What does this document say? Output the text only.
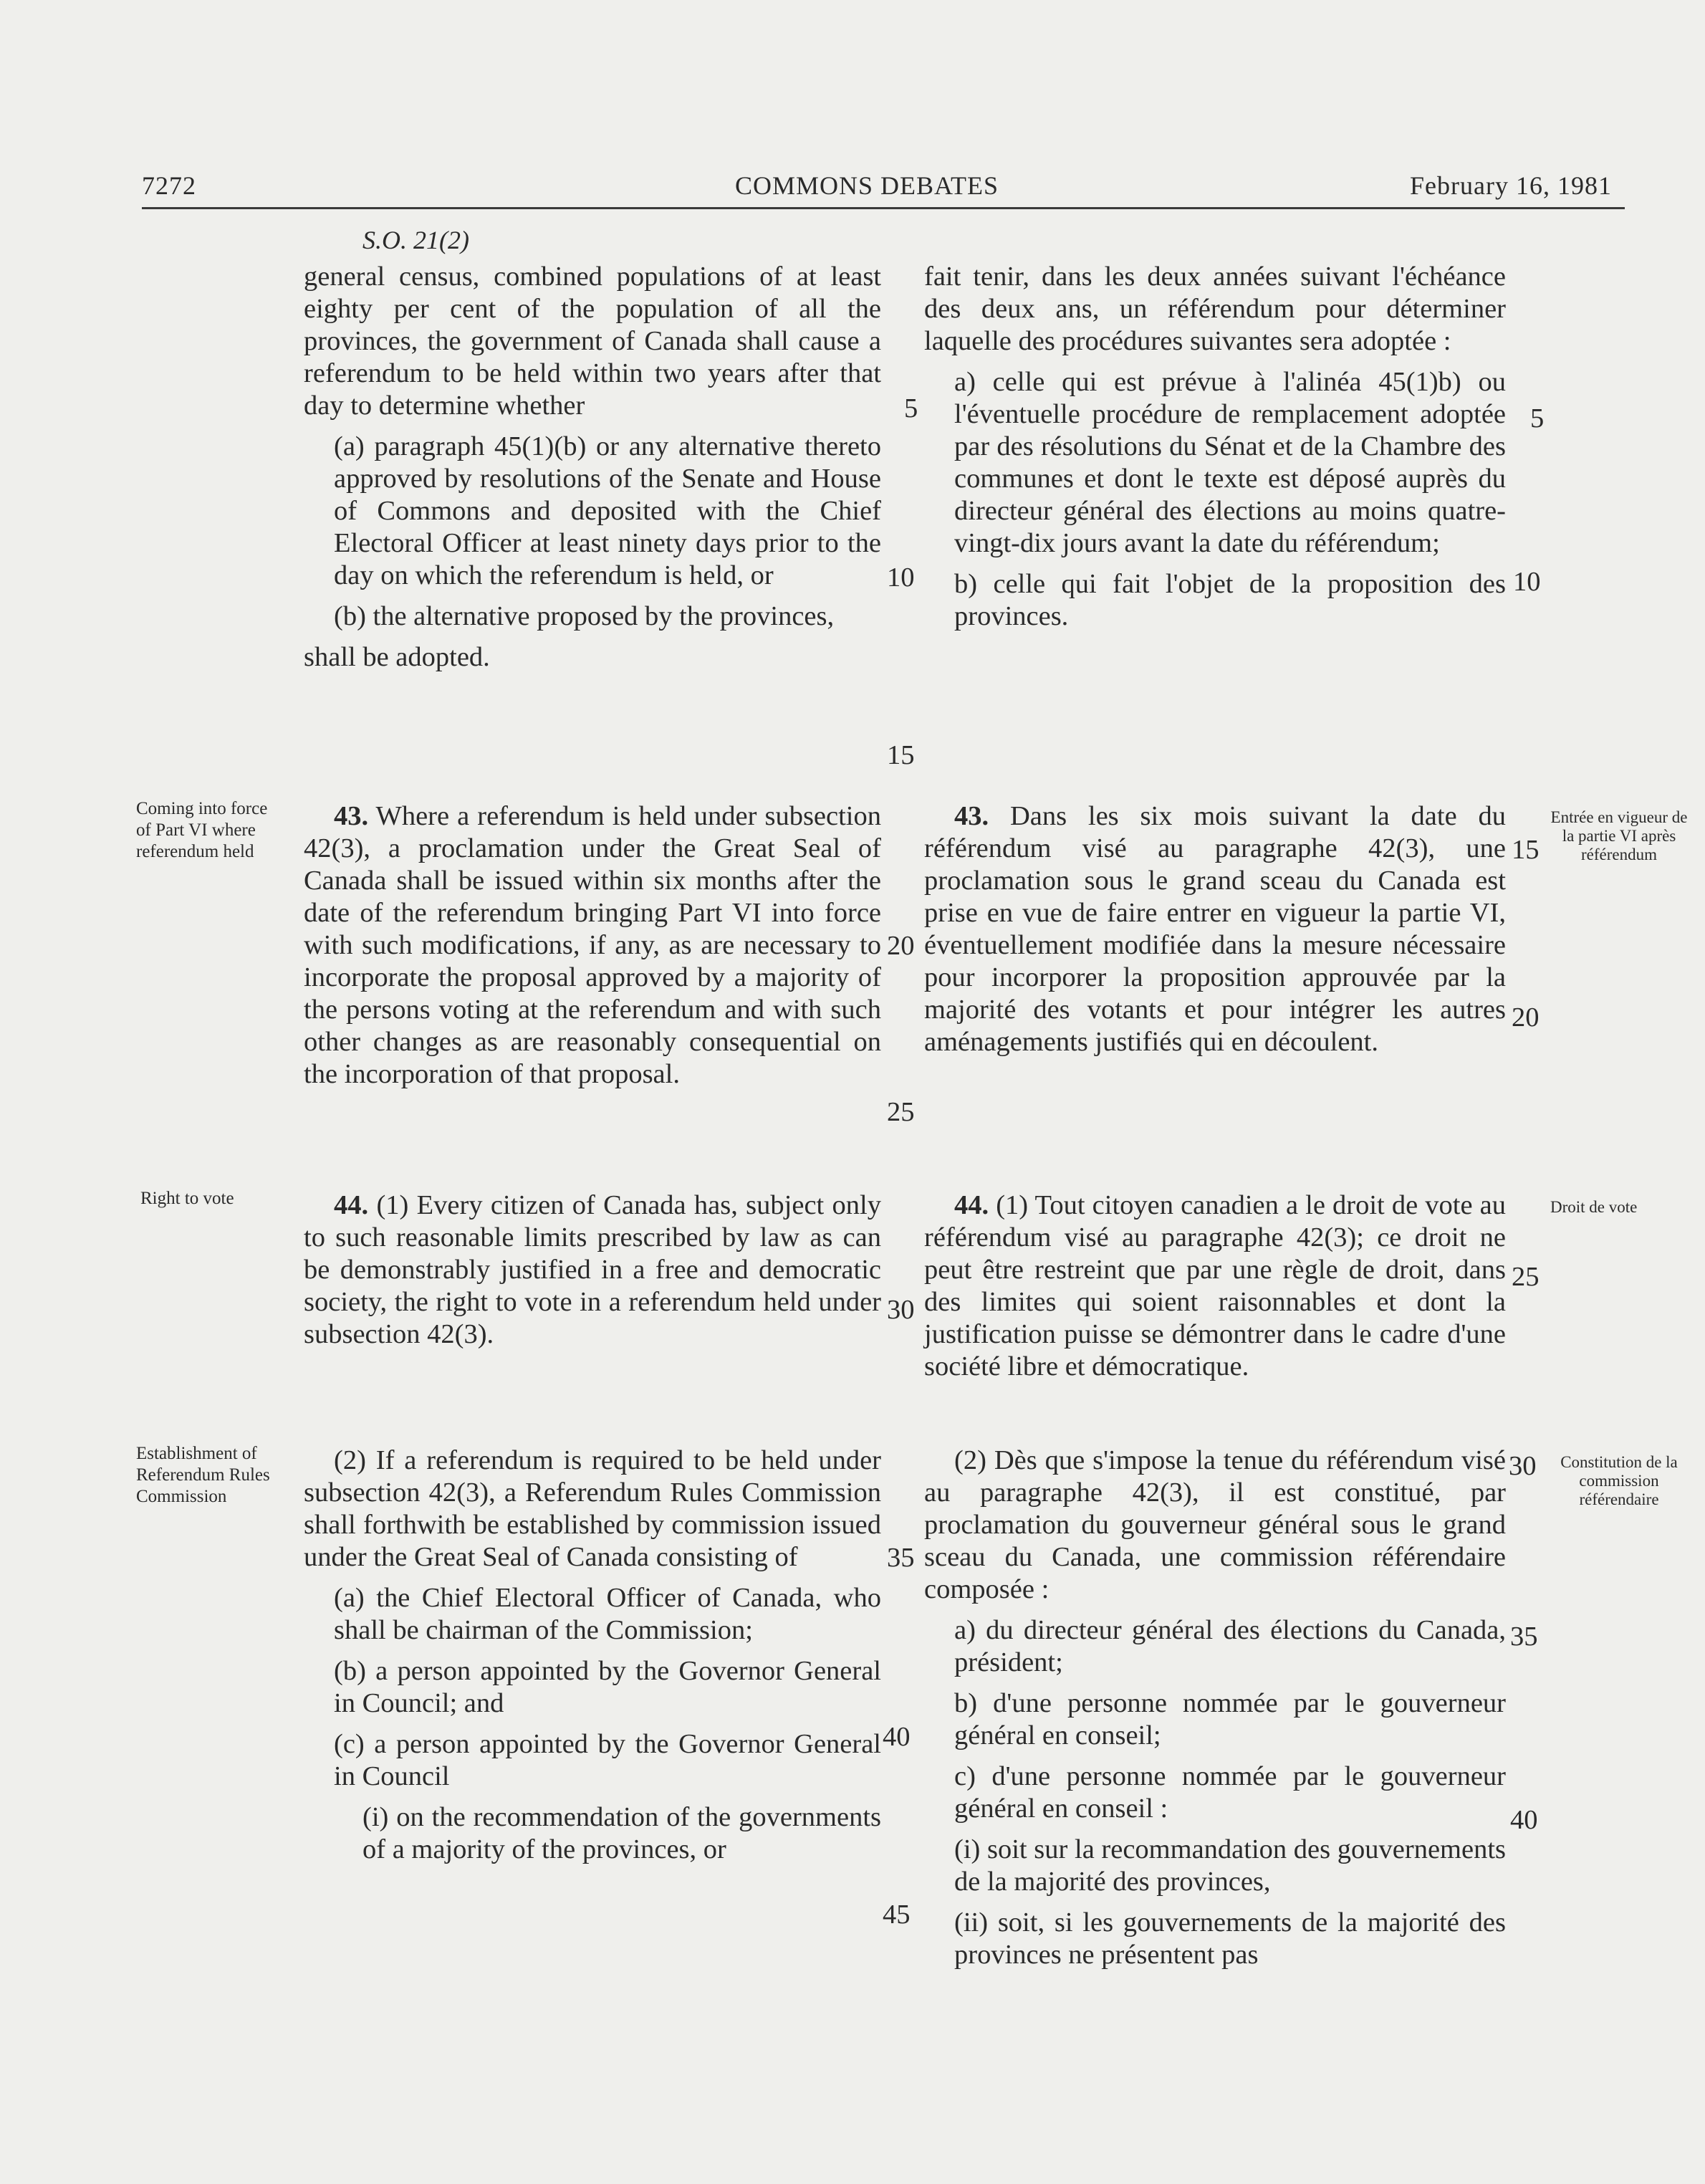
7272	COMMONS DEBATES	February 16, 1981
S.O. 21(2)

general census, combined populations of at least eighty per cent of the population of all the provinces, the government of Canada shall cause a referendum to be held within two years after that day to determine whether

(a) paragraph 45(1)(b) or any alternative thereto approved by resolutions of the Senate and House of Commons and deposited with the Chief Electoral Officer at least ninety days prior to the day on which the referendum is held, or

(b) the alternative proposed by the provinces,

shall be adopted.

43. Where a referendum is held under subsection 42(3), a proclamation under the Great Seal of Canada shall be issued within six months after the date of the referendum bringing Part VI into force with such modifications, if any, as are necessary to incorporate the proposal approved by a majority of the persons voting at the referendum and with such other changes as are reasonably consequential on the incorporation of that proposal.

44. (1) Every citizen of Canada has, subject only to such reasonable limits prescribed by law as can be demonstrably justified in a free and democratic society, the right to vote in a referendum held under subsection 42(3).

(2) If a referendum is required to be held under subsection 42(3), a Referendum Rules Commission shall forthwith be established by commission issued under the Great Seal of Canada consisting of

(a) the Chief Electoral Officer of Canada, who shall be chairman of the Commission;

(b) a person appointed by the Governor General in Council; and

(c) a person appointed by the Governor General in Council

(i) on the recommendation of the governments of a majority of the provinces, or

fait tenir, dans les deux années suivant l'échéance des deux ans, un référendum pour déterminer laquelle des procédures suivantes sera adoptée :

a) celle qui est prévue à l'alinéa 45(1)b) ou l'éventuelle procédure de remplacement adoptée par des résolutions du Sénat et de la Chambre des communes et dont le texte est déposé auprès du directeur général des élections au moins quatre-vingt-dix jours avant la date du référendum;

b) celle qui fait l'objet de la proposition des provinces.

43. Dans les six mois suivant la date du référendum visé au paragraphe 42(3), une proclamation sous le grand sceau du Canada est prise en vue de faire entrer en vigueur la partie VI, éventuellement modifiée dans la mesure nécessaire pour incorporer la proposition approuvée par la majorité des votants et pour intégrer les autres aménagements justifiés qui en découlent.

44. (1) Tout citoyen canadien a le droit de vote au référendum visé au paragraphe 42(3); ce droit ne peut être restreint que par une règle de droit, dans des limites qui soient raisonnables et dont la justification puisse se démontrer dans le cadre d'une société libre et démocratique.

(2) Dès que s'impose la tenue du référendum visé au paragraphe 42(3), il est constitué, par proclamation du gouverneur général sous le grand sceau du Canada, une commission référendaire composée :

a) du directeur général des élections du Canada, président;

b) d'une personne nommée par le gouverneur général en conseil;

c) d'une personne nommée par le gouverneur général en conseil :

(i) soit sur la recommandation des gouvernements de la majorité des provinces,

(ii) soit, si les gouvernements de la majorité des provinces ne présentent pas

5
10
15
20
25
30
35
40
45
5
10
15
20
25
30
35
40
Coming into force of Part VI where referendum held
Right to vote
Establishment of Referendum Rules Commission
Entrée en vigueur de la partie VI après référendum
Droit de vote
Constitution de la commission référendaire
